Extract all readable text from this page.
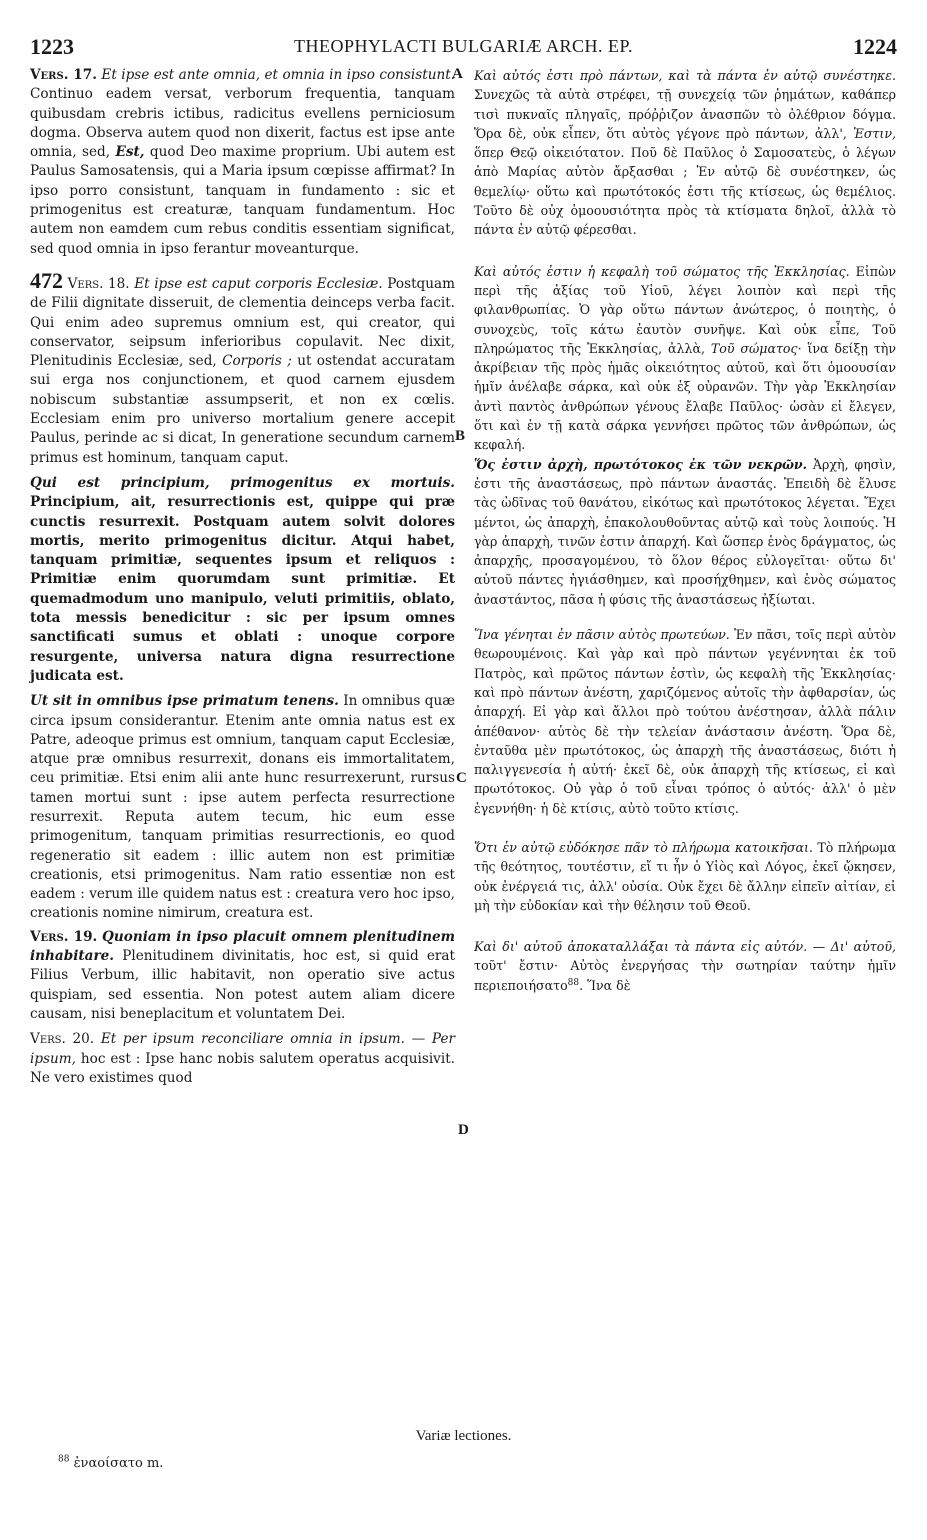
1223	THEOPHYLACTI BULGARIÆ ARCH. EP.	1224
A
B
C
D

Vers. 17. Et ipse est ante omnia, et omnia in ipso consistunt. Continuo eadem versat, verborum frequentia, tanquam quibusdam crebris ictibus, radicitus evellens perniciosum dogma. Observa autem quod non dixerit, factus est ipse ante omnia, sed, Est, quod Deo maxime proprium. Ubi autem est Paulus Samosatensis, qui a Maria ipsum cœpisse affirmat? In ipso porro consistunt, tanquam in fundamento : sic et primogenitus est creaturæ, tanquam fundamentum. Hoc autem non eamdem cum rebus conditis essentiam significat, sed quod omnia in ipso ferantur moveanturque.

472 Vers. 18. Et ipse est caput corporis Ecclesiæ. Postquam de Filii dignitate disseruit, de clementia deinceps verba facit. Qui enim adeo supremus omnium est, qui creator, qui conservator, seipsum inferioribus copulavit. Nec dixit, Plenitudinis Ecclesiæ, sed, Corporis ; ut ostendat accuratam sui erga nos conjunctionem, et quod carnem ejusdem nobiscum substantiæ assumpserit, et non ex cœlis. Ecclesiam enim pro universo mortalium genere accepit Paulus, perinde ac si dicat, In generatione secundum carnem primus est hominum, tanquam caput.

Qui est principium, primogenitus ex mortuis. Principium, ait, resurrectionis est, quippe qui præ cunctis resurrexit. Postquam autem solvit dolores mortis, merito primogenitus dicitur. Atqui habet, tanquam primitiæ, sequentes ipsum et reliquos : Primitiæ enim quorumdam sunt primitiæ. Et quemadmodum uno manipulo, veluti primitiis, oblato, tota messis benedicitur : sic per ipsum omnes sanctificati sumus et oblati : unoque corpore resurgente, universa natura digna resurrectione judicata est.

Ut sit in omnibus ipse primatum tenens. In omnibus quæ circa ipsum considerantur. Etenim ante omnia natus est ex Patre, adeoque primus est omnium, tanquam caput Ecclesiæ, atque præ omnibus resurrexit, donans eis immortalitatem, ceu primitiæ. Etsi enim alii ante hunc resurrexerunt, rursus tamen mortui sunt : ipse autem perfecta resurrectione resurrexit. Reputa autem tecum, hic eum esse primogenitum, tanquam primitias resurrectionis, eo quod regeneratio sit eadem : illic autem non est primitiæ creationis, etsi primogenitus. Nam ratio essentiæ non est eadem : verum ille quidem natus est : creatura vero hoc ipso, creationis nomine nimirum, creatura est.

Vers. 19. Quoniam in ipso placuit omnem plenitudinem inhabitare. Plenitudinem divinitatis, hoc est, si quid erat Filius Verbum, illic habitavit, non operatio sive actus quispiam, sed essentia. Non potest autem aliam dicere causam, nisi beneplacitum et voluntatem Dei.

Vers. 20. Et per ipsum reconciliare omnia in ipsum. — Per ipsum, hoc est : Ipse hanc nobis salutem operatus acquisivit. Ne vero existimes quod

Καὶ αὐτός ἐστι πρὸ πάντων, καὶ τὰ πάντα ἐν αὐτῷ συνέστηκε. Συνεχῶς τὰ αὐτὰ στρέφει, τῇ συνεχείᾳ τῶν ῥημάτων, καθάπερ τισὶ πυκναῖς πληγαῖς, πρόῤῥιζον ἀνασπῶν τὸ ὀλέθριον δόγμα. Ὅρα δὲ, οὐκ εἶπεν, ὅτι αὐτὸς γέγονε πρὸ πάντων, ἀλλ', Ἐστιν, ὅπερ Θεῷ οἰκειότατον. Ποῦ δὲ Παῦλος ὁ Σαμοσατεὺς, ὁ λέγων ἀπὸ Μαρίας αὐτὸν ἄρξασθαι ; Ἐν αὐτῷ δὲ συνέστηκεν, ὡς θεμελίῳ· οὕτω καὶ πρωτότοκός ἐστι τῆς κτίσεως, ὡς θεμέλιος. Τοῦτο δὲ οὐχ ὁμοουσιότητα πρὸς τὰ κτίσματα δηλοῖ, ἀλλὰ τὸ πάντα ἐν αὐτῷ φέρεσθαι.

Καὶ αὐτός ἐστιν ἡ κεφαλὴ τοῦ σώματος τῆς Ἐκκλησίας. Εἰπὼν περὶ τῆς ἀξίας τοῦ Υἱοῦ, λέγει λοιπὸν καὶ περὶ τῆς φιλανθρωπίας. Ὁ γὰρ οὕτω πάντων ἀνώτερος, ὁ ποιητὴς, ὁ συνοχεὺς, τοῖς κάτω ἑαυτὸν συνῆψε. Καὶ οὐκ εἶπε, Τοῦ πληρώματος τῆς Ἐκκλησίας, ἀλλὰ, Τοῦ σώματος· ἵνα δείξῃ τὴν ἀκρίβειαν τῆς πρὸς ἡμᾶς οἰκειότητος αὐτοῦ, καὶ ὅτι ὁμοουσίαν ἡμῖν ἀνέλαβε σάρκα, καὶ οὐκ ἐξ οὐρανῶν. Τὴν γὰρ Ἐκκλησίαν ἀντὶ παντὸς ἀνθρώπων γένους ἔλαβε Παῦλος· ὡσὰν εἰ ἔλεγεν, ὅτι καὶ ἐν τῇ κατὰ σάρκα γεννήσει πρῶτος τῶν ἀνθρώπων, ὡς κεφαλή.

Ὅς ἐστιν ἀρχὴ, πρωτότοκος ἐκ τῶν νεκρῶν. Ἀρχὴ, φησὶν, ἐστι τῆς ἀναστάσεως, πρὸ πάντων ἀναστάς. Ἐπειδὴ δὲ ἔλυσε τὰς ὠδῖνας τοῦ θανάτου, εἰκότως καὶ πρωτότοκος λέγεται. Ἔχει μέντοι, ὡς ἀπαρχὴ, ἐπακολουθοῦντας αὐτῷ καὶ τοὺς λοιπούς. Ἡ γὰρ ἀπαρχὴ, τινῶν ἐστιν ἀπαρχή. Καὶ ὥσπερ ἑνὸς δράγματος, ὡς ἀπαρχῆς, προσαγομένου, τὸ ὅλον θέρος εὐλογεῖται· οὕτω δι' αὐτοῦ πάντες ἡγιάσθημεν, καὶ προσήχθημεν, καὶ ἑνὸς σώματος ἀναστάντος, πᾶσα ἡ φύσις τῆς ἀναστάσεως ἠξίωται.

Ἵνα γένηται ἐν πᾶσιν αὐτὸς πρωτεύων. Ἐν πᾶσι, τοῖς περὶ αὐτὸν θεωρουμένοις. Καὶ γὰρ καὶ πρὸ πάντων γεγέννηται ἐκ τοῦ Πατρὸς, καὶ πρῶτος πάντων ἐστὶν, ὡς κεφαλὴ τῆς Ἐκκλησίας· καὶ πρὸ πάντων ἀνέστη, χαριζόμενος αὐτοῖς τὴν ἀφθαρσίαν, ὡς ἀπαρχή. Εἰ γὰρ καὶ ἄλλοι πρὸ τούτου ἀνέστησαν, ἀλλὰ πάλιν ἀπέθανον· αὐτὸς δὲ τὴν τελείαν ἀνάστασιν ἀνέστη. Ὅρα δὲ, ἐνταῦθα μὲν πρωτότοκος, ὡς ἀπαρχὴ τῆς ἀναστάσεως, διότι ἡ παλιγγενεσία ἡ αὐτή· ἐκεῖ δὲ, οὐκ ἀπαρχὴ τῆς κτίσεως, εἰ καὶ πρωτότοκος. Οὐ γὰρ ὁ τοῦ εἶναι τρόπος ὁ αὐτός· ἀλλ' ὁ μὲν ἐγεννήθη· ἡ δὲ κτίσις, αὐτὸ τοῦτο κτίσις.

Ὅτι ἐν αὐτῷ εὐδόκησε πᾶν τὸ πλήρωμα κατοικῆσαι. Τὸ πλήρωμα τῆς θεότητος, τουτέστιν, εἴ τι ἦν ὁ Υἱὸς καὶ Λόγος, ἐκεῖ ᾤκησεν, οὐκ ἐνέργειά τις, ἀλλ' οὐσία. Οὐκ ἔχει δὲ ἄλλην εἰπεῖν αἰτίαν, εἰ μὴ τὴν εὐδοκίαν καὶ τὴν θέλησιν τοῦ Θεοῦ.

Καὶ δι' αὐτοῦ ἀποκαταλλάξαι τὰ πάντα εἰς αὐτόν. — Δι' αὐτοῦ, τοῦτ' ἔστιν· Αὐτὸς ἐνεργήσας τὴν σωτηρίαν ταύτην ἡμῖν περιεποιήσατο$^{88}$. Ἵνα δὲ

Variæ lectiones.
$^{88}$ ἐναοίσατο m.
